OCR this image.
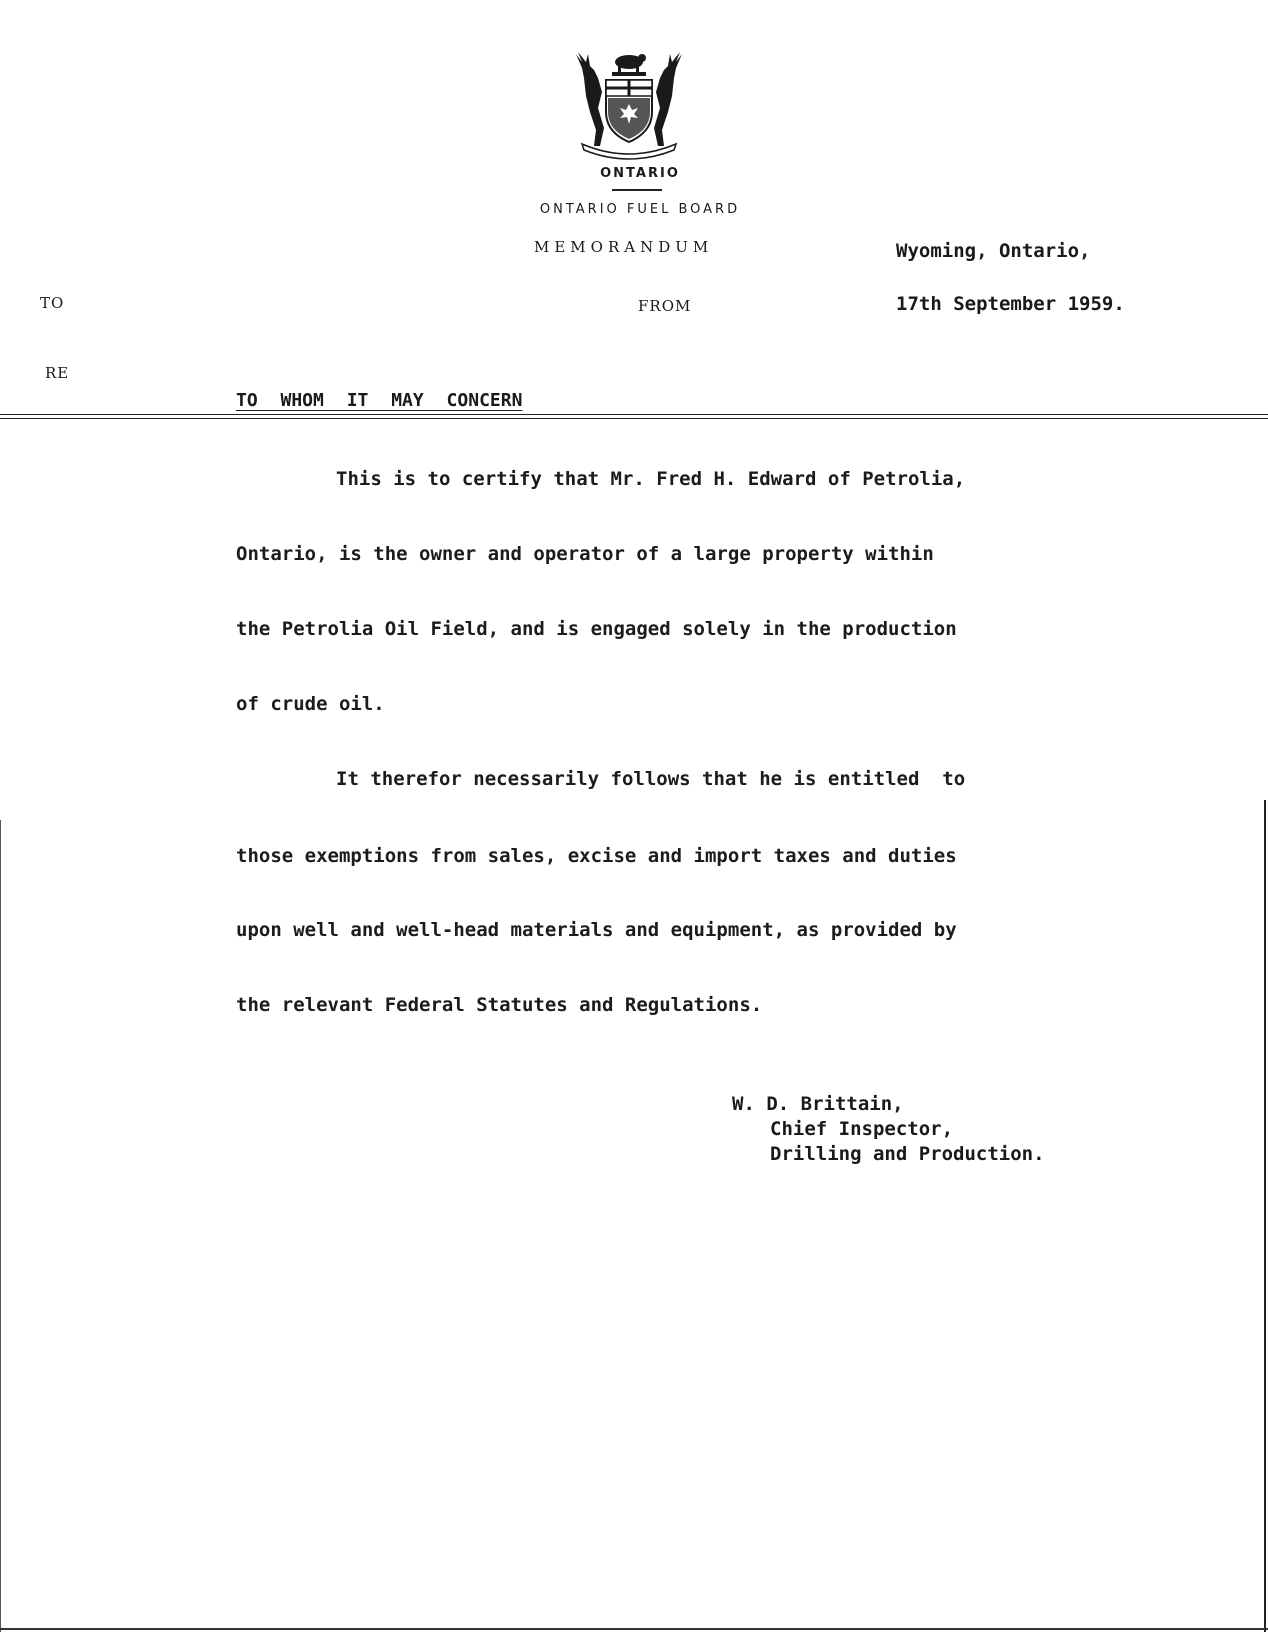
ONTARIO
ONTARIO FUEL BOARD
MEMORANDUM
TO	FROM
RE
Wyoming, Ontario,
17th September 1959.
TO WHOM IT MAY CONCERN
This is to certify that Mr. Fred H. Edward of Petrolia,
Ontario, is the owner and operator of a large property within
the Petrolia Oil Field, and is engaged solely in the production
of crude oil.
It therefor necessarily follows that he is entitled  to
those exemptions from sales, excise and import taxes and duties
upon well and well-head materials and equipment, as provided by
the relevant Federal Statutes and Regulations.
W. D. Brittain,
Chief Inspector,
Drilling and Production.
